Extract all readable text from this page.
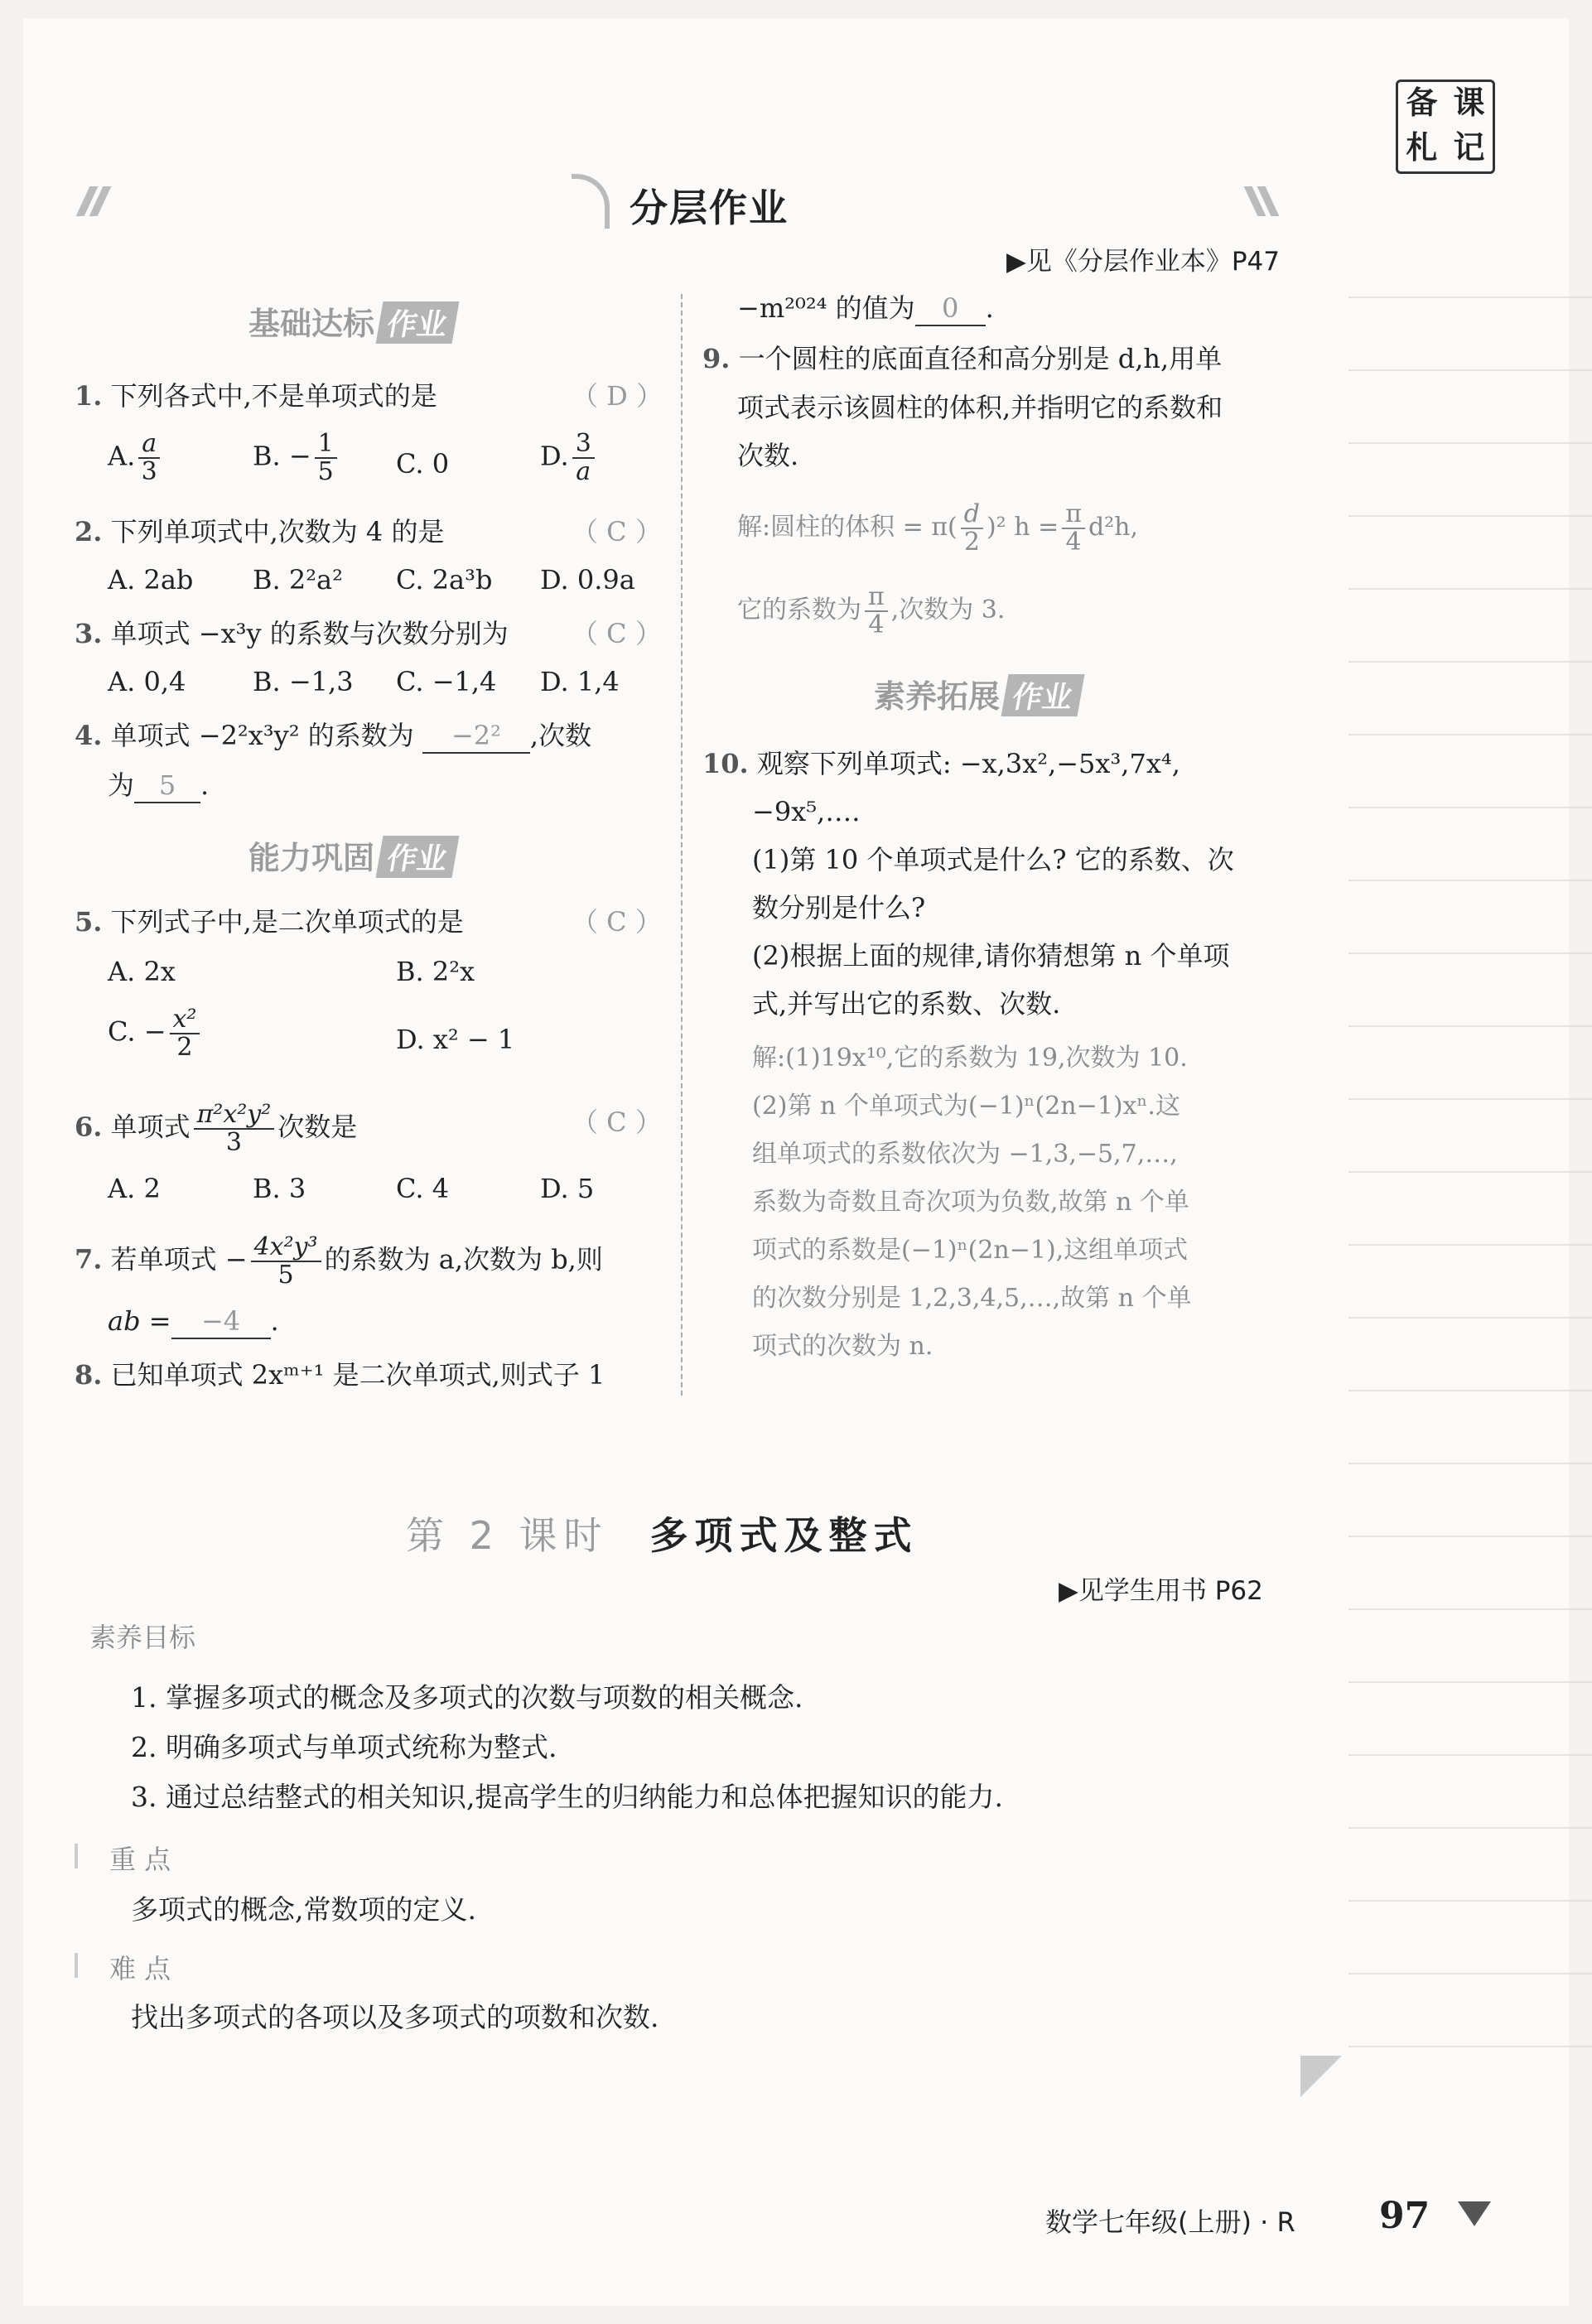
备 课
札 记
分层作业
▶见《分层作业本》P47
基础达标 作业
1. 下列各式中,不是单项式的是	（ D ）
A. $\frac{a}{3}$	B. − $\frac{1}{5} C$. 0	D. $\frac{3}{a}$
2. 下列单项式中,次数为 4 的是	（ C ）
A. 2ab B. 2²a² C. 2a³b D. 0.9a
3. 单项式 −x³y 的系数与次数分别为 （ C ）
A. 0,4	B. −1,3 C. −1,4 D. 1,4
4. 单项式 −2²x³y² 的系数为 −2² ,次数
为 5 .
能力巩固 作业
5. 下列式子中,是二次单项式的是	（ C ）
A. 2x	B. 2²x
C. − $\frac{\text{x²}}{2}$	D. x² − 1
6. 单项式 $\frac{\text{π²x²y²}}{3}$ 次数是	（ C ）
A. 2	B. 3	C. 4	D. 5
7. 若单项式 − $\frac{\text{4x²y³}}{5}$ 的系数为 a,次数为 b,则
ab = −4 .
8. 已知单项式 2xᵐ⁺¹ 是二次单项式,则式子 1
−m²⁰²⁴ 的值为 0 .
9. 一个圆柱的底面直径和高分别是 d,h,用单
项式表示该圆柱的体积,并指明它的系数和
次数.
解:圆柱的体积 = $\pi( \frac{d}{2} )^2$ $h = \frac{\pi}{4} d^2h$,
它的系数为 $\frac{\pi}{4}$ ,次数为 3.
素养拓展 作业
10. 观察下列单项式: −x,3x²,−5x³,7x⁴,
−9x⁵,….
(1)第 10 个单项式是什么? 它的系数、次
数分别是什么?
(2)根据上面的规律,请你猜想第 n 个单项
式,并写出它的系数、次数.
解:(1)19x¹⁰,它的系数为 19,次数为 10.
(2)第 n 个单项式为(−1)ⁿ(2n−1)xⁿ.这
组单项式的系数依次为 −1,3,−5,7,…,
系数为奇数且奇次项为负数,故第 n 个单
项式的系数是(−1)ⁿ(2n−1),这组单项式
的次数分别是 1,2,3,4,5,…,故第 n 个单
项式的次数为 n.
第 2 课时 多项式及整式
▶见学生用书 P62
素养目标
1. 掌握多项式的概念及多项式的次数与项数的相关概念.
2. 明确多项式与单项式统称为整式.
3. 通过总结整式的相关知识,提高学生的归纳能力和总体把握知识的能力.
重 点
多项式的概念,常数项的定义.
难 点
找出多项式的各项以及多项式的项数和次数.
数学七年级(上册) · R 97
